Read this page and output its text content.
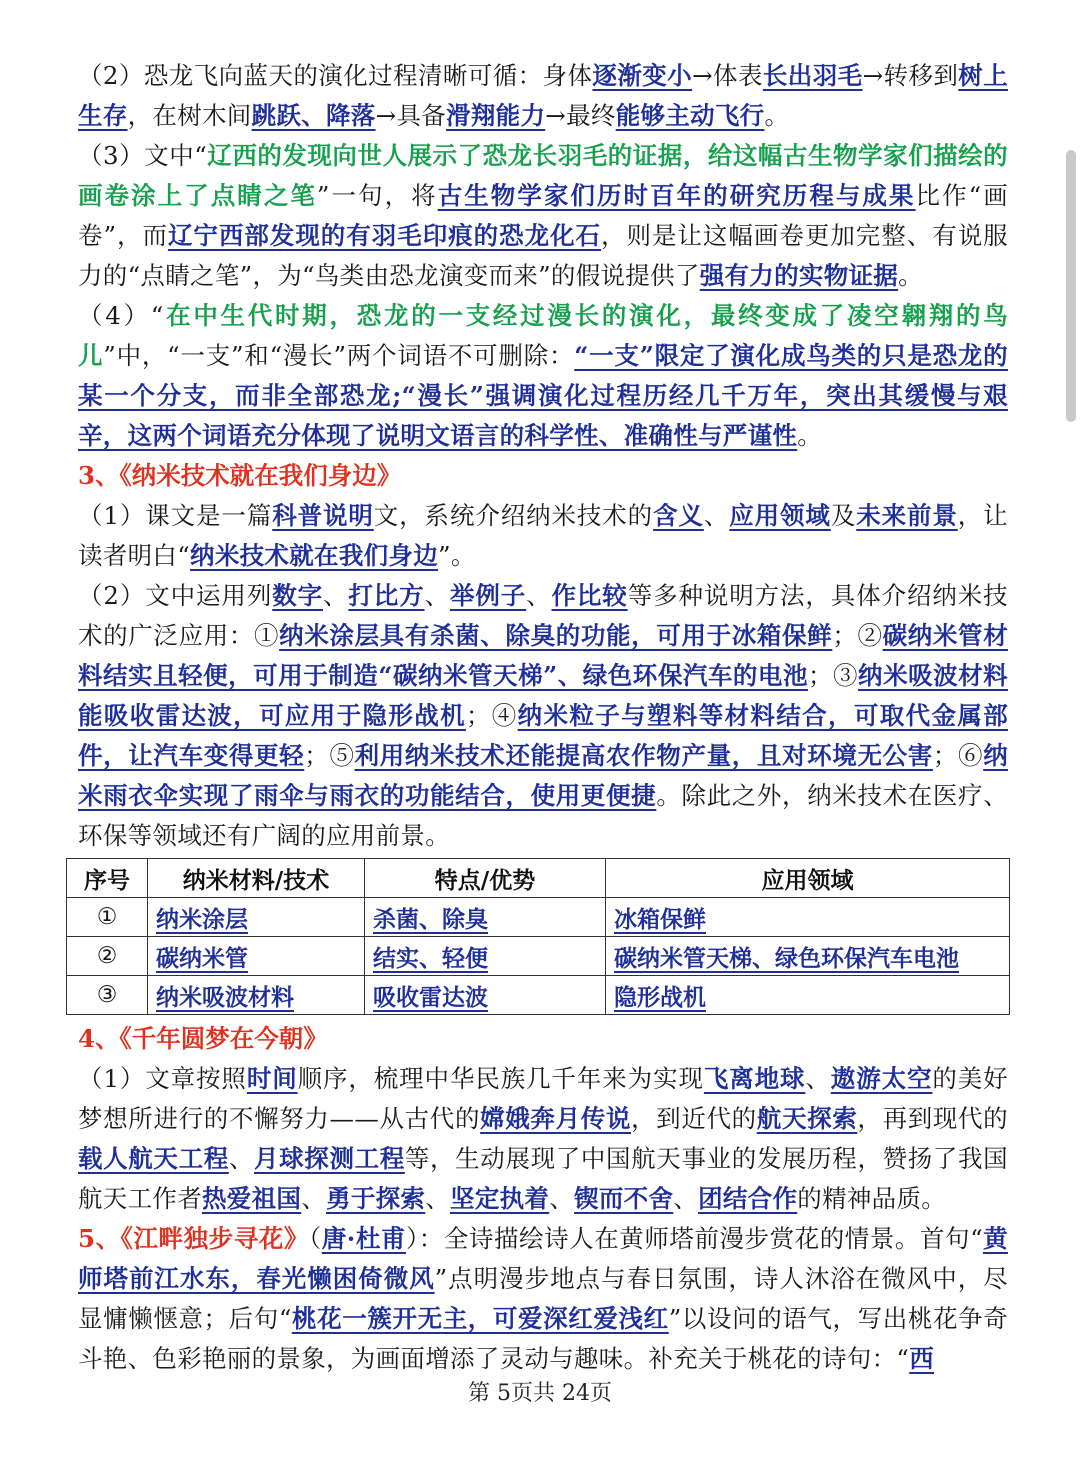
（2）恐龙飞向蓝天的演化过程清晰可循：身体逐渐变小→体表长出羽毛→转移到树上生存，在树木间跳跃、降落→具备滑翔能力→最终能够主动飞行。

（3）文中“辽西的发现向世人展示了恐龙长羽毛的证据，给这幅古生物学家们描绘的画卷涂上了点睛之笔”一句，将古生物学家们历时百年的研究历程与成果比作“画卷”，而辽宁西部发现的有羽毛印痕的恐龙化石，则是让这幅画卷更加完整、有说服力的“点睛之笔”，为“鸟类由恐龙演变而来”的假说提供了强有力的实物证据。

（4）“在中生代时期，恐龙的一支经过漫长的演化，最终变成了凌空翱翔的鸟儿”中，“一支”和“漫长”两个词语不可删除：“一支”限定了演化成鸟类的只是恐龙的某一个分支，而非全部恐龙;“漫长”强调演化过程历经几千万年，突出其缓慢与艰辛，这两个词语充分体现了说明文语言的科学性、准确性与严谨性。

3、《纳米技术就在我们身边》

（1）课文是一篇科普说明文，系统介绍纳米技术的含义、应用领域及未来前景，让读者明白“纳米技术就在我们身边”。

（2）文中运用列数字、打比方、举例子、作比较等多种说明方法，具体介绍纳米技术的广泛应用：①纳米涂层具有杀菌、除臭的功能，可用于冰箱保鲜；②碳纳米管材料结实且轻便，可用于制造“碳纳米管天梯”、绿色环保汽车的电池；③纳米吸波材料能吸收雷达波，可应用于隐形战机；④纳米粒子与塑料等材料结合，可取代金属部件，让汽车变得更轻；⑤利用纳米技术还能提高农作物产量，且对环境无公害；⑥纳米雨衣伞实现了雨伞与雨衣的功能结合，使用更便捷。除此之外，纳米技术在医疗、环保等领域还有广阔的应用前景。

序号	纳米材料/技术	特点/优势	应用领域
①	纳米涂层	杀菌、除臭	冰箱保鲜
②	碳纳米管	结实、轻便	碳纳米管天梯、绿色环保汽车电池
③	纳米吸波材料	吸收雷达波	隐形战机
4、《千年圆梦在今朝》

（1）文章按照时间顺序，梳理中华民族几千年来为实现飞离地球、遨游太空的美好梦想所进行的不懈努力——从古代的嫦娥奔月传说，到近代的航天探索，再到现代的载人航天工程、月球探测工程等，生动展现了中国航天事业的发展历程，赞扬了我国航天工作者热爱祖国、勇于探索、坚定执着、锲而不舍、团结合作的精神品质。

5、《江畔独步寻花》（唐·杜甫）：全诗描绘诗人在黄师塔前漫步赏花的情景。首句“黄师塔前江水东，春光懒困倚微风”点明漫步地点与春日氛围，诗人沐浴在微风中，尽显慵懒惬意；后句“桃花一簇开无主，可爱深红爱浅红”以设问的语气，写出桃花争奇斗艳、色彩艳丽的景象，为画面增添了灵动与趣味。补充关于桃花的诗句：“西

第 5页共 24页
